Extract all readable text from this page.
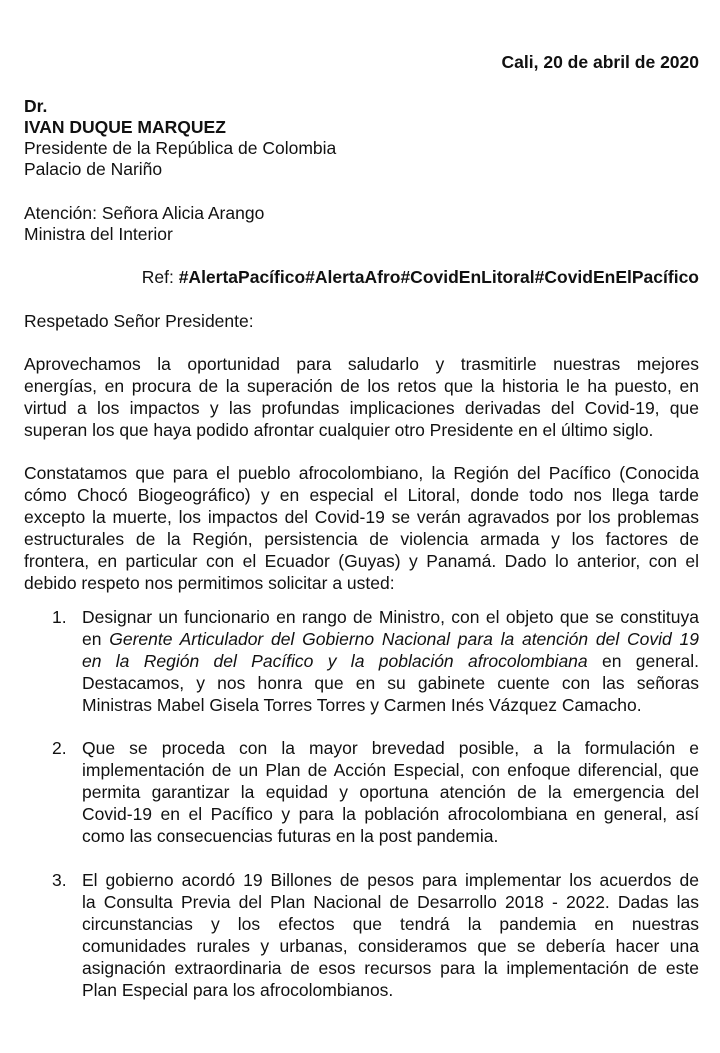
Cali, 20 de abril de 2020
Dr.
IVAN DUQUE MARQUEZ
Presidente de la República de Colombia
Palacio de Nariño
Atención: Señora Alicia Arango
Ministra del Interior
Ref: #AlertaPacífico#AlertaAfro#CovidEnLitoral#CovidEnElPacífico
Respetado Señor Presidente:
Aprovechamos la oportunidad para saludarlo y trasmitirle nuestras mejores
energías, en procura de la superación de los retos que la historia le ha puesto, en
virtud a los impactos y las profundas implicaciones derivadas del Covid-19, que
superan los que haya podido afrontar cualquier otro Presidente en el último siglo.
Constatamos que para el pueblo afrocolombiano, la Región del Pacífico (Conocida
cómo Chocó Biogeográfico) y en especial el Litoral, donde todo nos llega tarde
excepto la muerte, los impactos del Covid-19 se verán agravados por los problemas
estructurales de la Región, persistencia de violencia armada y los factores de
frontera, en particular con el Ecuador (Guyas) y Panamá. Dado lo anterior, con el
debido respeto nos permitimos solicitar a usted:
1. Designar un funcionario en rango de Ministro, con el objeto que se constituya
en Gerente Articulador del Gobierno Nacional para la atención del Covid 19
en la Región del Pacífico y la población afrocolombiana en general.
Destacamos, y nos honra que en su gabinete cuente con las señoras
Ministras Mabel Gisela Torres Torres y Carmen Inés Vázquez Camacho.
2. Que se proceda con la mayor brevedad posible, a la formulación e
implementación de un Plan de Acción Especial, con enfoque diferencial, que
permita garantizar la equidad y oportuna atención de la emergencia del
Covid-19 en el Pacífico y para la población afrocolombiana en general, así
como las consecuencias futuras en la post pandemia.
3. El gobierno acordó 19 Billones de pesos para implementar los acuerdos de
la Consulta Previa del Plan Nacional de Desarrollo 2018 - 2022. Dadas las
circunstancias y los efectos que tendrá la pandemia en nuestras
comunidades rurales y urbanas, consideramos que se debería hacer una
asignación extraordinaria de esos recursos para la implementación de este
Plan Especial para los afrocolombianos.
